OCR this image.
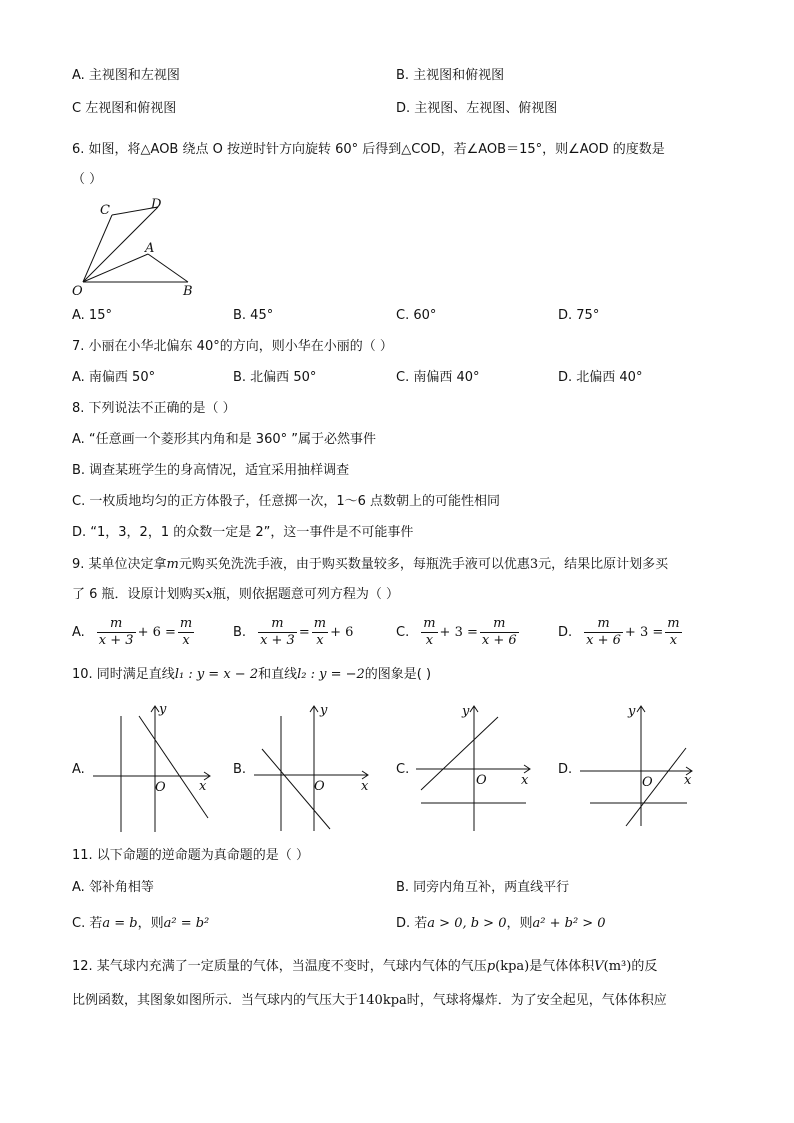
A. 主视图和左视图	B. 主视图和俯视图
C 左视图和俯视图	D. 主视图、左视图、俯视图
6. 如图，将△AOB 绕点 O 按逆时针方向旋转 60° 后得到△COD，若∠AOB＝15°，则∠AOD 的度数是
（ ）
C	D
A
O	B
A. 15°	B. 45°	C. 60°	D. 75°
7. 小丽在小华北偏东 40°的方向，则小华在小丽的（ ）
A. 南偏西 50°	B. 北偏西 50°	C. 南偏西 40°	D. 北偏西 40°
8. 下列说法不正确的是（ ）
A. “任意画一个菱形其内角和是 360° ”属于必然事件
B. 调查某班学生的身高情况，适宜采用抽样调查
C. 一枚质地均匀的正方体骰子，任意掷一次，1～6 点数朝上的可能性相同
D. “1，3，2，1 的众数一定是 2”，这一事件是不可能事件
9. 某单位决定拿m元购买免洗洗手液，由于购买数量较多，每瓶洗手液可以优惠3元，结果比原计划多买
了 6 瓶．设原计划购买x瓶，则依据题意可列方程为（ ）
A. $\frac{m}{x + 3} + 6 = \frac{m}{x}$	B. $\frac{m}{x + 3} = \frac{m}{x} + 6$	C. $\frac{m}{x} + 3 = \frac{m}{x + 6}$	D. $\frac{m}{x + 6} + 3 = \frac{m}{x}$
10. 同时满足直线l₁ : y = x − 2和直线l₂ : y = −2的图象是( )
A.	B.	C.	D.
x
y
O	x
y
O	x
y
O	x
y
O
11. 以下命题的逆命题为真命题的是（ ）
A. 邻补角相等	B. 同旁内角互补，两直线平行
C. 若a = b，则a² = b²	D. 若a > 0, b > 0，则a² + b² > 0
12. 某气球内充满了一定质量的气体，当温度不变时，气球内气体的气压p(kpa)是气体体积V(m³)的反
比例函数，其图象如图所示．当气球内的气压大于140kpa时，气球将爆炸．为了安全起见，气体体积应
